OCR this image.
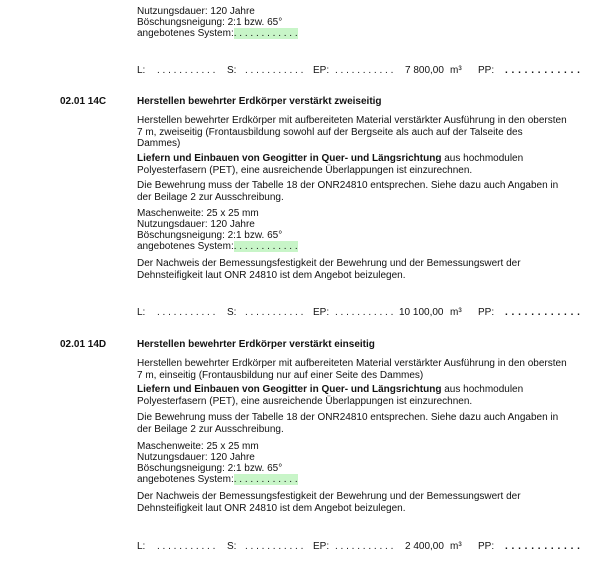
Nutzungsdauer: 120 Jahre
Böschungsneigung: 2:1 bzw. 65°
angebotenes System:. . . . . . . . . . . .
L: . . . . . . . . . . . S: . . . . . . . . . . . EP: . . . . . . . . . . . 7 800,00 m³ PP: . . . . . . . . . . . .
02.01 14C	Herstellen bewehrter Erdkörper verstärkt zweiseitig
Herstellen bewehrter Erdkörper mit aufbereiteten Material verstärkter Ausführung in den obersten 7 m, zweiseitig (Frontausbildung sowohl auf der Bergseite als auch auf der Talseite des Dammes)
Liefern und Einbauen von Geogitter in Quer- und Längsrichtung aus hochmodulen Polyesterfasern (PET), eine ausreichende Überlappungen ist einzurechnen.
Die Bewehrung muss der Tabelle 18 der ONR24810 entsprechen. Siehe dazu auch Angaben in der Beilage 2 zur Ausschreibung.
Maschenweite: 25 x 25 mm
Nutzungsdauer: 120 Jahre
Böschungsneigung: 2:1 bzw. 65°
angebotenes System:. . . . . . . . . . . .
Der Nachweis der Bemessungsfestigkeit der Bewehrung und der Bemessungswert der Dehnsteifigkeit laut ONR 24810 ist dem Angebot beizulegen.
L: . . . . . . . . . . . S: . . . . . . . . . . . EP: . . . . . . . . . . . 10 100,00 m³ PP: . . . . . . . . . . . .
02.01 14D	Herstellen bewehrter Erdkörper verstärkt einseitig
Herstellen bewehrter Erdkörper mit aufbereiteten Material verstärkter Ausführung in den obersten 7 m, einseitig (Frontausbildung nur auf einer Seite des Dammes)
Liefern und Einbauen von Geogitter in Quer- und Längsrichtung aus hochmodulen Polyesterfasern (PET), eine ausreichende Überlappungen ist einzurechnen.
Die Bewehrung muss der Tabelle 18 der ONR24810 entsprechen. Siehe dazu auch Angaben in der Beilage 2 zur Ausschreibung.
Maschenweite: 25 x 25 mm
Nutzungsdauer: 120 Jahre
Böschungsneigung: 2:1 bzw. 65°
angebotenes System:. . . . . . . . . . . .
Der Nachweis der Bemessungsfestigkeit der Bewehrung und der Bemessungswert der Dehnsteifigkeit laut ONR 24810 ist dem Angebot beizulegen.
L: . . . . . . . . . . . S: . . . . . . . . . . . EP: . . . . . . . . . . . 2 400,00 m³ PP: . . . . . . . . . . . .
